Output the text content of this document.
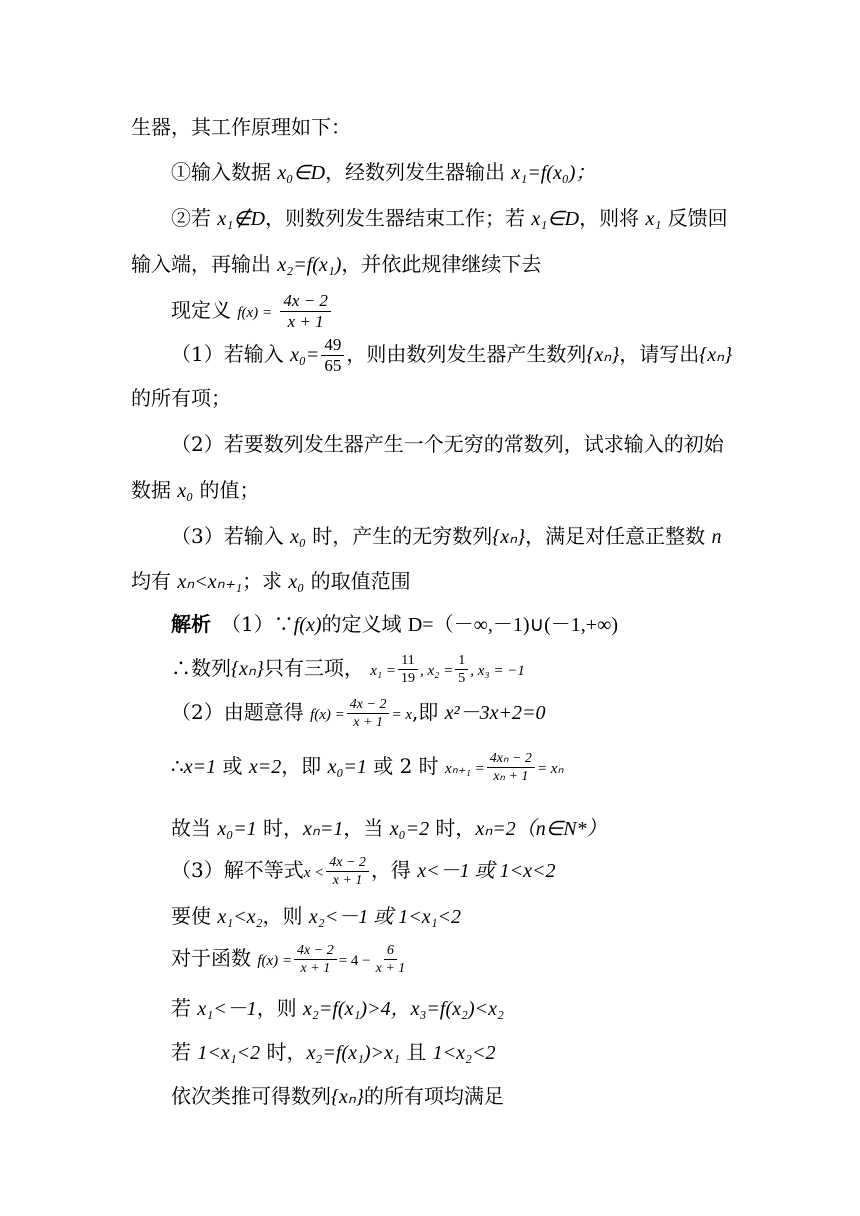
生器，其工作原理如下：
①输入数据 x₀∈D，经数列发生器输出 x₁=f(x₀)；
②若 x₁∉D，则数列发生器结束工作；若 x₁∈D，则将 x₁ 反馈回
输入端，再输出 x₂=f(x₁)，并依此规律继续下去
现定义 $f(x) = \frac{4x - 2}{x + 1}$
（1）若输入 $x_0= \frac{49}{65}$ ，则由数列发生器产生数列{xₙ}，请写出{xₙ}
的所有项；
（2）若要数列发生器产生一个无穷的常数列，试求输入的初始
数据 x₀ 的值；
（3）若输入 x₀ 时，产生的无穷数列{xₙ}，满足对任意正整数 n
均有 xₙ<xₙ₊₁；求 x₀ 的取值范围
解析　 （1）∵f(x)的定义域 D=（－∞,－1)∪(－1,+∞)
∴数列{xₙ}只有三项， $x_1 = \frac{11}{19}$ , $x_2 = \frac{1}{5}$ , x₃ = −1
（2）由题意得 $f(x) = \frac{4x - 2}{x + 1} = x$,即 x²－3x+2=0
∴x=1 或 x=2，即 x₀=1 或 2 时 $x_{n+1} = \frac{\text{4xₙ − 2}}{\text{xₙ + 1}} = x_n$
故当 x₀=1 时，xₙ=1，当 x₀=2 时，xₙ=2（n∈N*）
（3）解不等式$x < \frac{4x - 2}{x + 1}$ ，得 x<－1 或 1<x<2
要使 x₁<x₂，则 x₂<－1 或 1<x₁<2
对于函数 $f(x) = \frac{4x - 2}{x + 1} = 4 - \frac{6}{x + 1}$
若 x₁<－1，则 x₂=f(x₁)>4，x₃=f(x₂)<x₂
若 1<x₁<2 时，x₂=f(x₁)>x₁ 且 1<x₂<2
依次类推可得数列{xₙ}的所有项均满足
